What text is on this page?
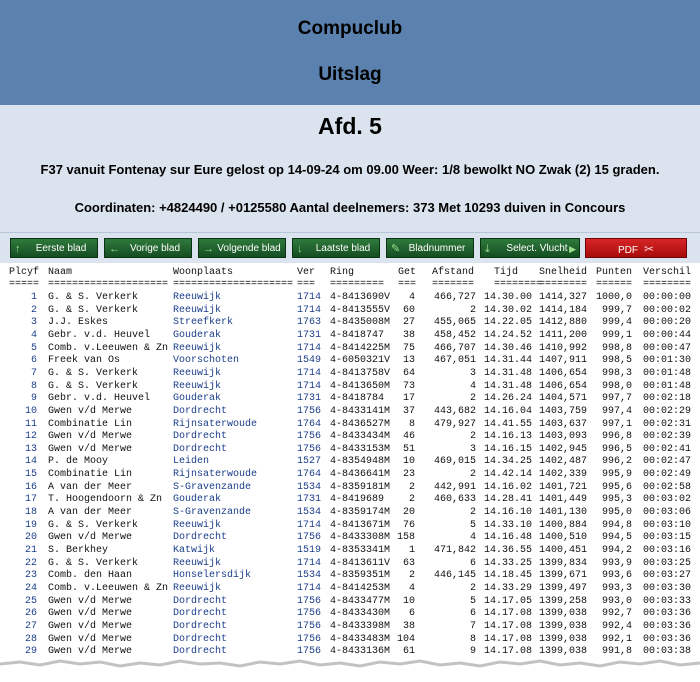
Compuclub
Uitslag
Afd. 5
F37 vanuit Fontenay sur Eure gelost op 14-09-24 om 09.00 Weer: 1/8 bewolkt NO Zwak (2) 15 graden.
Coordinaten: +4824490 / +0125580 Aantal deelnemers: 373 Met 10293 duiven in Concours
↑ Eerste blad	← Vorige blad	→ Volgende blad	↓ Laatste blad	✎ Bladnummer	⤓ Select. Vlucht ▶	PDF ✂
Plcyf Naam	Woonplaats	Ver Ring	Get Afstand Tijd Snelheid Punten Verschil
===== ==================== ==================== === ========= === ======= ========
======== ====== ========
1 G. & S. Verkerk	Reeuwijk	1714 4-8413690V	4	466,727 14.30.00 1414,327 1000,0 00:00:00
2 G. & S. Verkerk	Reeuwijk	1714 4-8413555V	60	2 14.30.02 1414,184	999,7 00:00:02
3 J.J. Eskes	Streefkerk	1763 4-8435008M	27	455,065 14.22.05 1412,880	999,4 00:00:20
4 Gebr. v.d. Heuvel Gouderak	1731 4-8418747	38	458,452 14.24.52 1411,200	999,1 00:00:44
5 Comb. v.Leeuwen & Zn Reeuwijk	1714 4-8414225M	75	466,707 14.30.46 1410,992	998,8 00:00:47
6 Freek van Os	Voorschoten	1549 4-6050321V	13	467,051 14.31.44 1407,911	998,5 00:01:30
7 G. & S. Verkerk	Reeuwijk	1714 4-8413758V	64	3 14.31.48 1406,654	998,3 00:01:48
8 G. & S. Verkerk	Reeuwijk	1714 4-8413650M	73	4 14.31.48 1406,654	998,0 00:01:48
9 Gebr. v.d. Heuvel Gouderak	1731 4-8418784	17	2 14.26.24 1404,571	997,7 00:02:18
10 Gwen v/d Merwe	Dordrecht	1756 4-8433141M	37	443,682 14.16.04 1403,759	997,4 00:02:29
11 Combinatie Lin	Rijnsaterwoude	1764 4-8436527M	8	479,927 14.41.55 1403,637	997,1 00:02:31
12 Gwen v/d Merwe	Dordrecht	1756 4-8433434M	46	2 14.16.13 1403,093	996,8 00:02:39
13 Gwen v/d Merwe	Dordrecht	1756 4-8433153M	51	3 14.16.15 1402,945	996,5 00:02:41
14 P. de Mooy	Leiden	1527 4-8354948M	10	469,015 14.34.25 1402,487	996,2 00:02:47
15 Combinatie Lin	Rijnsaterwoude	1764 4-8436641M	23	2 14.42.14 1402,339	995,9 00:02:49
16 A van der Meer	S-Gravenzande	1534 4-8359181M	2	442,991 14.16.02 1401,721	995,6 00:02:58
17 T. Hoogendoorn & Zn Gouderak	1731 4-8419689	2	460,633 14.28.41 1401,449	995,3 00:03:02
18 A van der Meer	S-Gravenzande	1534 4-8359174M	20	2 14.16.10 1401,130	995,0 00:03:06
19 G. & S. Verkerk	Reeuwijk	1714 4-8413671M	76	5 14.33.10 1400,884	994,8 00:03:10
20 Gwen v/d Merwe	Dordrecht	1756 4-8433308M 158	4 14.16.48 1400,510	994,5 00:03:15
21 S. Berkhey	Katwijk	1519 4-8353341M	1	471,842 14.36.55 1400,451	994,2 00:03:16
22 G. & S. Verkerk	Reeuwijk	1714 4-8413611V	63	6 14.33.25 1399,834	993,9 00:03:25
23 Comb. den Haan	Honselersdijk	1534 4-8359351M	2	446,145 14.18.45 1399,671	993,6 00:03:27
24 Comb. v.Leeuwen & Zn Reeuwijk	1714 4-8414253M	4	2 14.33.29 1399,497	993,3 00:03:30
25 Gwen v/d Merwe	Dordrecht	1756 4-8433477M	10	5 14.17.05 1399,258	993,0 00:03:33
26 Gwen v/d Merwe	Dordrecht	1756 4-8433430M	6	6 14.17.08 1399,038	992,7 00:03:36
27 Gwen v/d Merwe	Dordrecht	1756 4-8433398M	38	7 14.17.08 1399,038	992,4 00:03:36
28 Gwen v/d Merwe	Dordrecht	1756 4-8433483M 104	8 14.17.08 1399,038	992,1 00:03:36
29 Gwen v/d Merwe	Dordrecht	1756 4-8433136M	61	9 14.17.08 1399,038	991,8 00:03:38
